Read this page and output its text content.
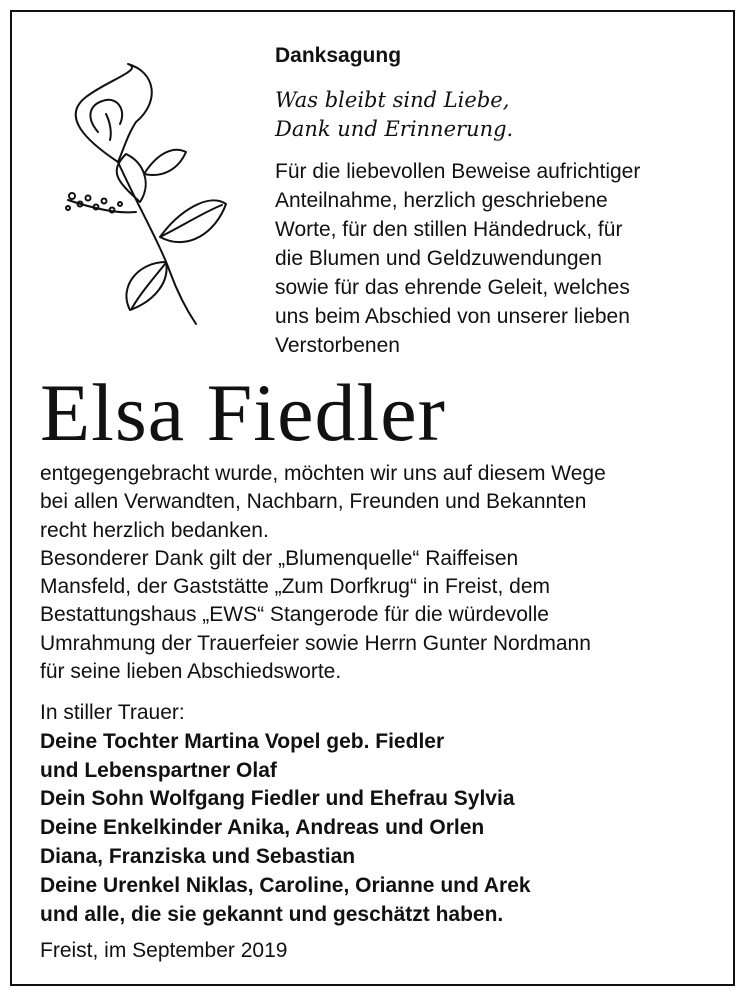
Danksagung
Was bleibt sind Liebe,
Dank und Erinnerung.
Für die liebevollen Beweise aufrichtiger
Anteilnahme, herzlich geschriebene
Worte, für den stillen Händedruck, für
die Blumen und Geldzuwendungen
sowie für das ehrende Geleit, welches
uns beim Abschied von unserer lieben
Verstorbenen
Elsa Fiedler
entgegengebracht wurde, möchten wir uns auf diesem Wege
bei allen Verwandten, Nachbarn, Freunden und Bekannten
recht herzlich bedanken.
Besonderer Dank gilt der „Blumenquelle“ Raiffeisen
Mansfeld, der Gaststätte „Zum Dorfkrug“ in Freist, dem
Bestattungshaus „EWS“ Stangerode für die würdevolle
Umrahmung der Trauerfeier sowie Herrn Gunter Nordmann
für seine lieben Abschiedsworte.
In stiller Trauer:
Deine Tochter Martina Vopel geb. Fiedler
und Lebenspartner Olaf
Dein Sohn Wolfgang Fiedler und Ehefrau Sylvia
Deine Enkelkinder Anika, Andreas und Orlen
Diana, Franziska und Sebastian
Deine Urenkel Niklas, Caroline, Orianne und Arek
und alle, die sie gekannt und geschätzt haben.
Freist, im September 2019
